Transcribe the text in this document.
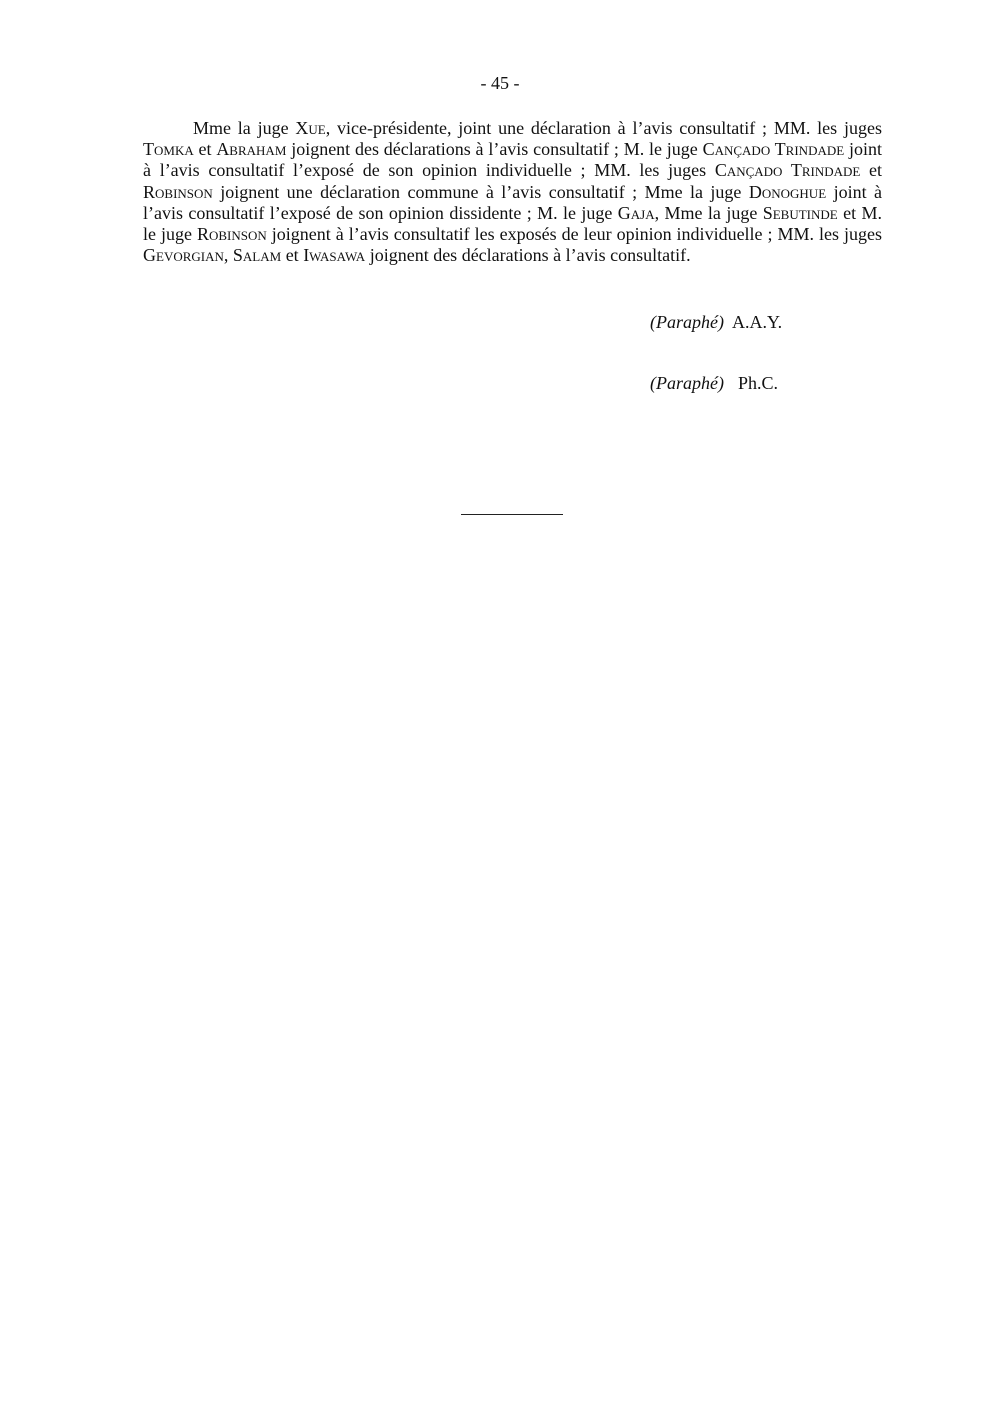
- 45 -

Mme la juge Xue, vice-présidente, joint une déclaration à l’avis consultatif ; MM. les juges Tomka et Abraham joignent des déclarations à l’avis consultatif ; M. le juge Cançado Trindade joint à l’avis consultatif l’exposé de son opinion individuelle ; MM. les juges Cançado Trindade et Robinson joignent une déclaration commune à l’avis consultatif ; Mme la juge Donoghue joint à l’avis consultatif l’exposé de son opinion dissidente ; M. le juge Gaja, Mme la juge Sebutinde et M. le juge Robinson joignent à l’avis consultatif les exposés de leur opinion individuelle ; MM. les juges Gevorgian, Salam et Iwasawa joignent des déclarations à l’avis consultatif.

(Paraphé) A.A.Y.
(Paraphé) Ph.C.
